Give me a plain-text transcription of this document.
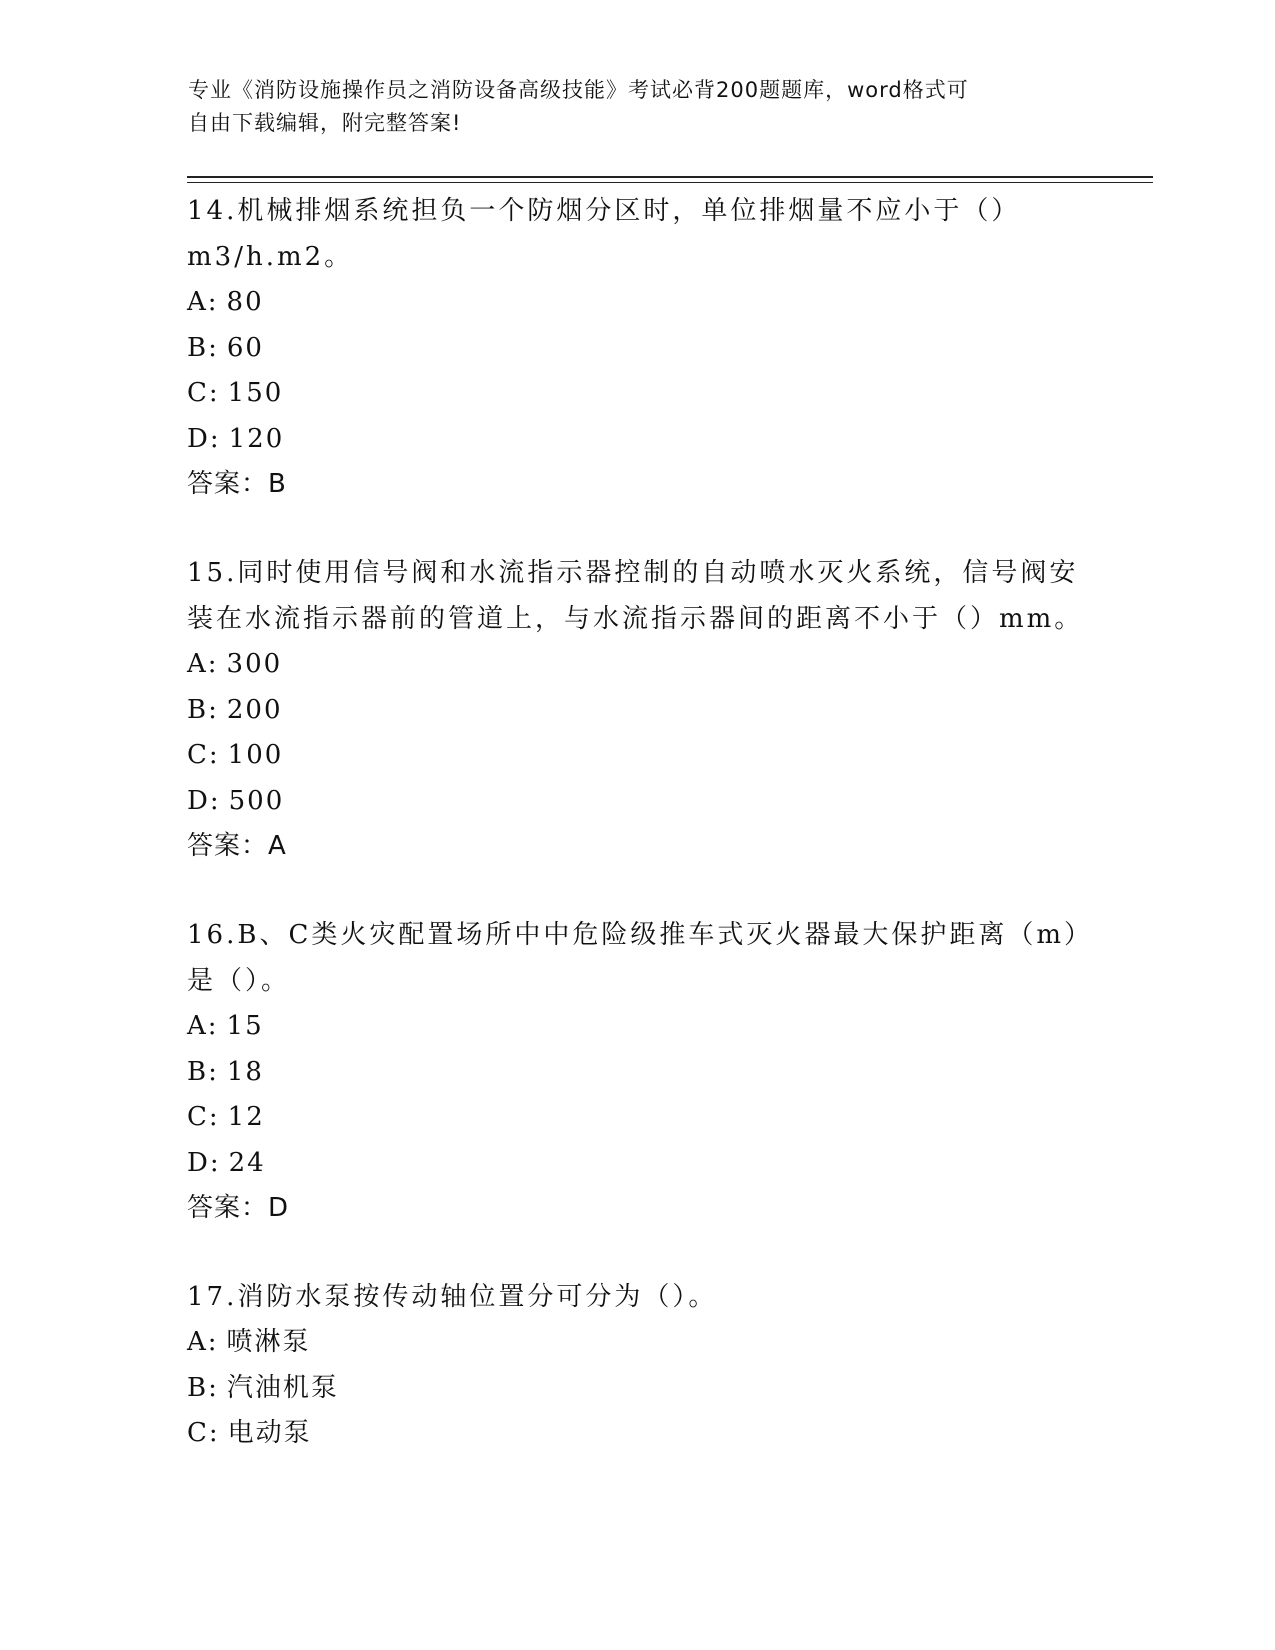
专业《消防设施操作员之消防设备高级技能》考试必背200题题库，word格式可
自由下载编辑，附完整答案!
14.机械排烟系统担负一个防烟分区时，单位排烟量不应小于（）
m3/h.m2。
A: 80
B: 60
C: 150
D: 120
答案：B
15.同时使用信号阀和水流指示器控制的自动喷水灭火系统，信号阀安
装在水流指示器前的管道上，与水流指示器间的距离不小于（）mm。
A: 300
B: 200
C: 100
D: 500
答案：A
16.B、C类火灾配置场所中中危险级推车式灭火器最大保护距离（m）
是（）。
A: 15
B: 18
C: 12
D: 24
答案：D
17.消防水泵按传动轴位置分可分为（）。
A: 喷淋泵
B: 汽油机泵
C: 电动泵
